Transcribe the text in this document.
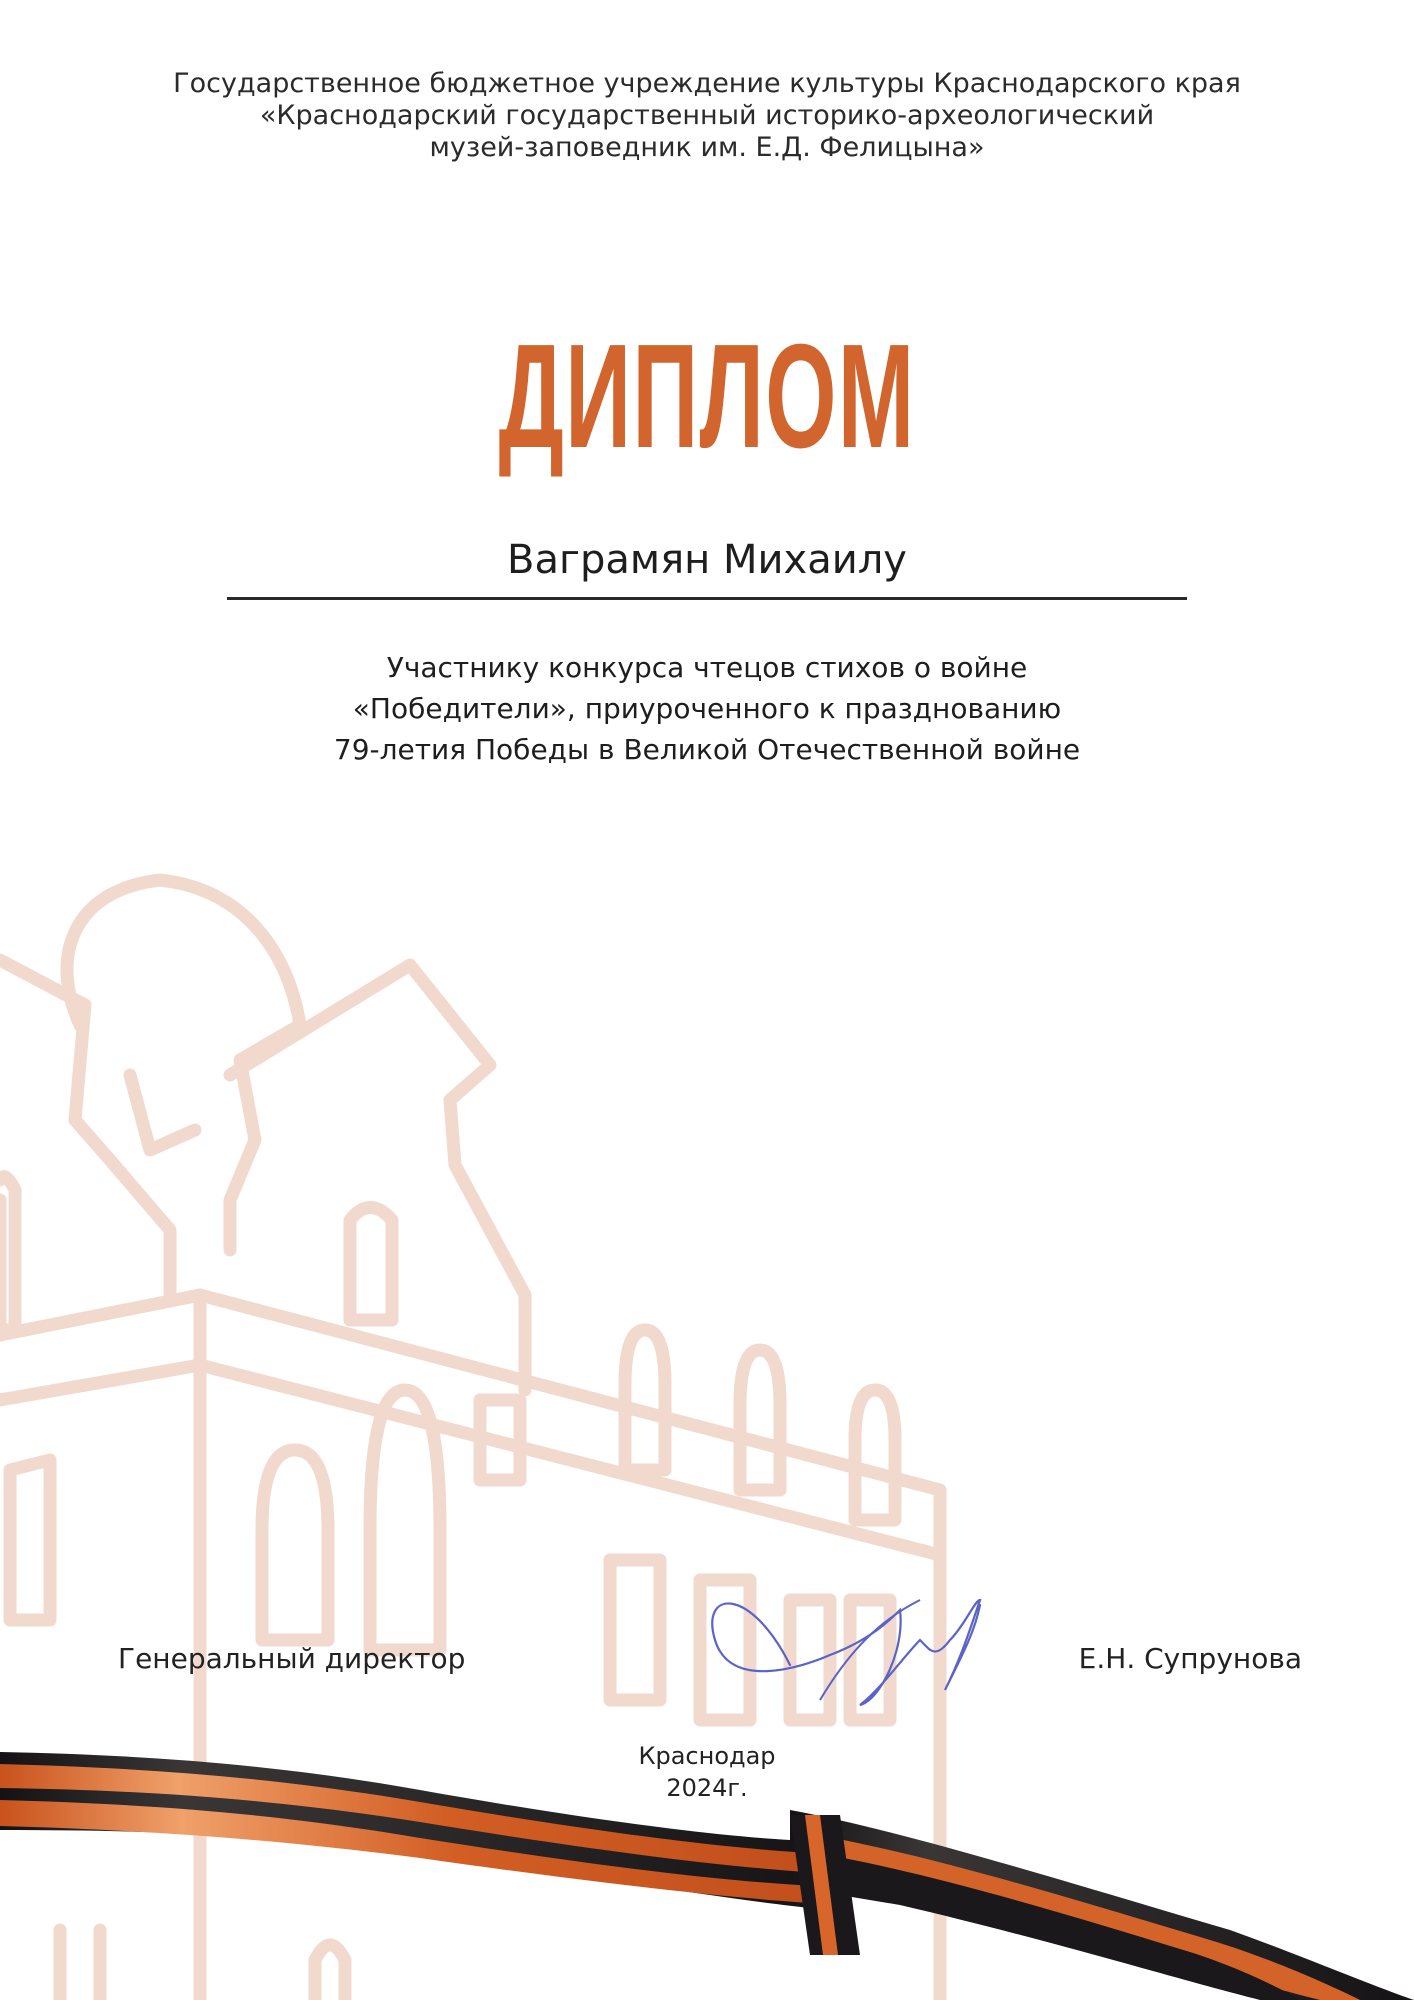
Государственное бюджетное учреждение культуры Краснодарского края
«Краснодарский государственный историко-археологический
музей-заповедник им. Е.Д. Фелицына»
ДИПЛОМ
Ваграмян Михаилу
Участнику конкурса чтецов стихов о войне
«Победители», приуроченного к празднованию
79-летия Победы в Великой Отечественной войне
Генеральный директор	Е.Н. Супрунова
Краснодар
2024г.
